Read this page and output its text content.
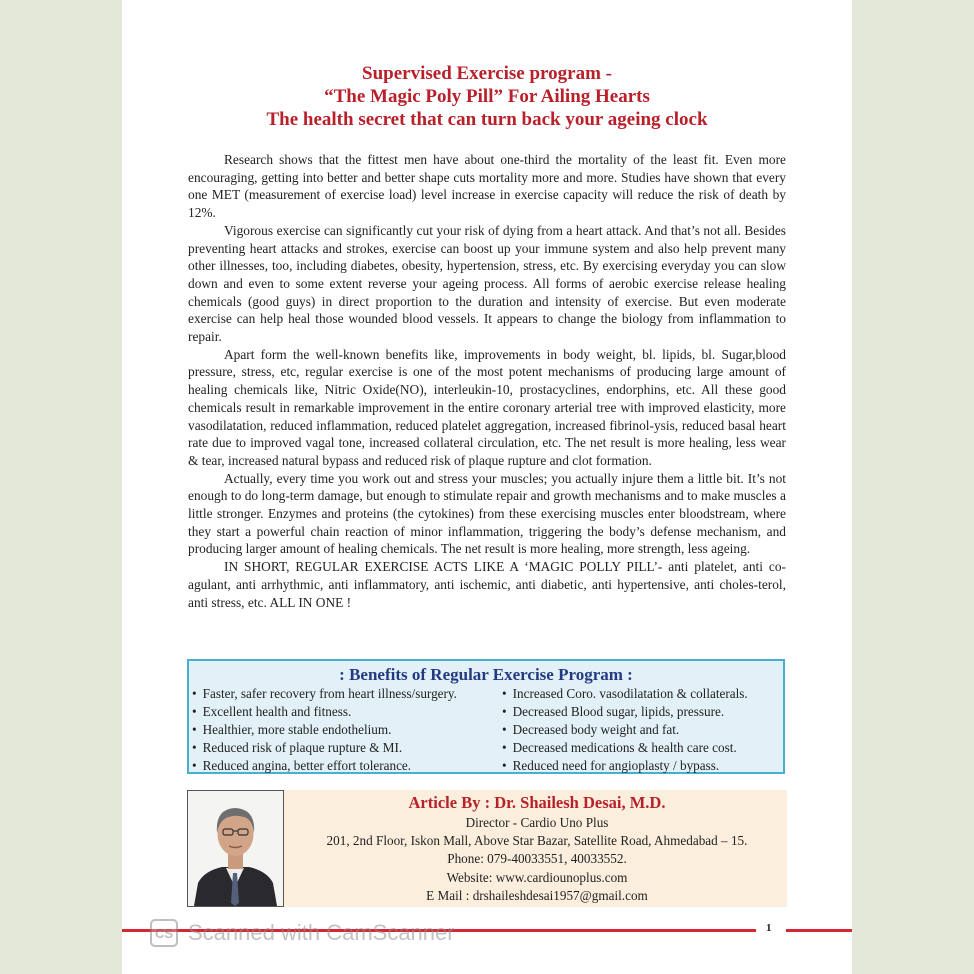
Supervised Exercise program -
“The Magic Poly Pill” For Ailing Hearts
The health secret that can turn back your ageing clock

Research shows that the fittest men have about one-third the mortality of the least fit. Even more encouraging, getting into better and better shape cuts mortality more and more. Studies have shown that every one MET (measurement of exercise load) level increase in exercise capacity will reduce the risk of death by 12%.

Vigorous exercise can significantly cut your risk of dying from a heart attack. And that’s not all. Besides preventing heart attacks and strokes, exercise can boost up your immune system and also help prevent many other illnesses, too, including diabetes, obesity, hypertension, stress, etc. By exercising everyday you can slow down and even to some extent reverse your ageing process. All forms of aerobic exercise release healing chemicals (good guys) in direct proportion to the duration and intensity of exercise. But even moderate exercise can help heal those wounded blood vessels. It appears to change the biology from inflammation to repair.

Apart form the well-known benefits like, improvements in body weight, bl. lipids, bl. Sugar,blood pressure, stress, etc, regular exercise is one of the most potent mechanisms of producing large amount of healing chemicals like, Nitric Oxide(NO), interleukin-10, prostacyclines, endorphins, etc. All these good chemicals result in remarkable improvement in the entire coronary arterial tree with improved elasticity, more vasodilatation, reduced inflammation, reduced platelet aggregation, increased fibrinol-ysis, reduced basal heart rate due to improved vagal tone, increased collateral circulation, etc. The net result is more healing, less wear & tear, increased natural bypass and reduced risk of plaque rupture and clot formation.

Actually, every time you work out and stress your muscles; you actually injure them a little bit. It’s not enough to do long-term damage, but enough to stimulate repair and growth mechanisms and to make muscles a little stronger. Enzymes and proteins (the cytokines) from these exercising muscles enter bloodstream, where they start a powerful chain reaction of minor inflammation, triggering the body’s defense mechanism, and producing larger amount of healing chemicals. The net result is more healing, more strength, less ageing.

IN SHORT, REGULAR EXERCISE ACTS LIKE A ‘MAGIC POLLY PILL’- anti platelet, anti co-agulant, anti arrhythmic, anti inflammatory, anti ischemic, anti diabetic, anti hypertensive, anti choles-terol, anti stress, etc. ALL IN ONE !

: Benefits of Regular Exercise Program :
• Faster, safer recovery from heart illness/surgery.
• Excellent health and fitness.
• Healthier, more stable endothelium.
• Reduced risk of plaque rupture & MI.
• Reduced angina, better effort tolerance.
• Increased Coro. vasodilatation & collaterals.
• Decreased Blood sugar, lipids, pressure.
• Decreased body weight and fat.
• Decreased medications & health care cost.
• Reduced need for angioplasty / bypass.
Article By : Dr. Shailesh Desai, M.D.
Director - Cardio Uno Plus
201, 2nd Floor, Iskon Mall, Above Star Bazar, Satellite Road, Ahmedabad – 15.
Phone: 079-40033551, 40033552.
Website: www.cardiounoplus.com
E Mail : drshaileshdesai1957@gmail.com
1
CS Scanned with CamScanner
